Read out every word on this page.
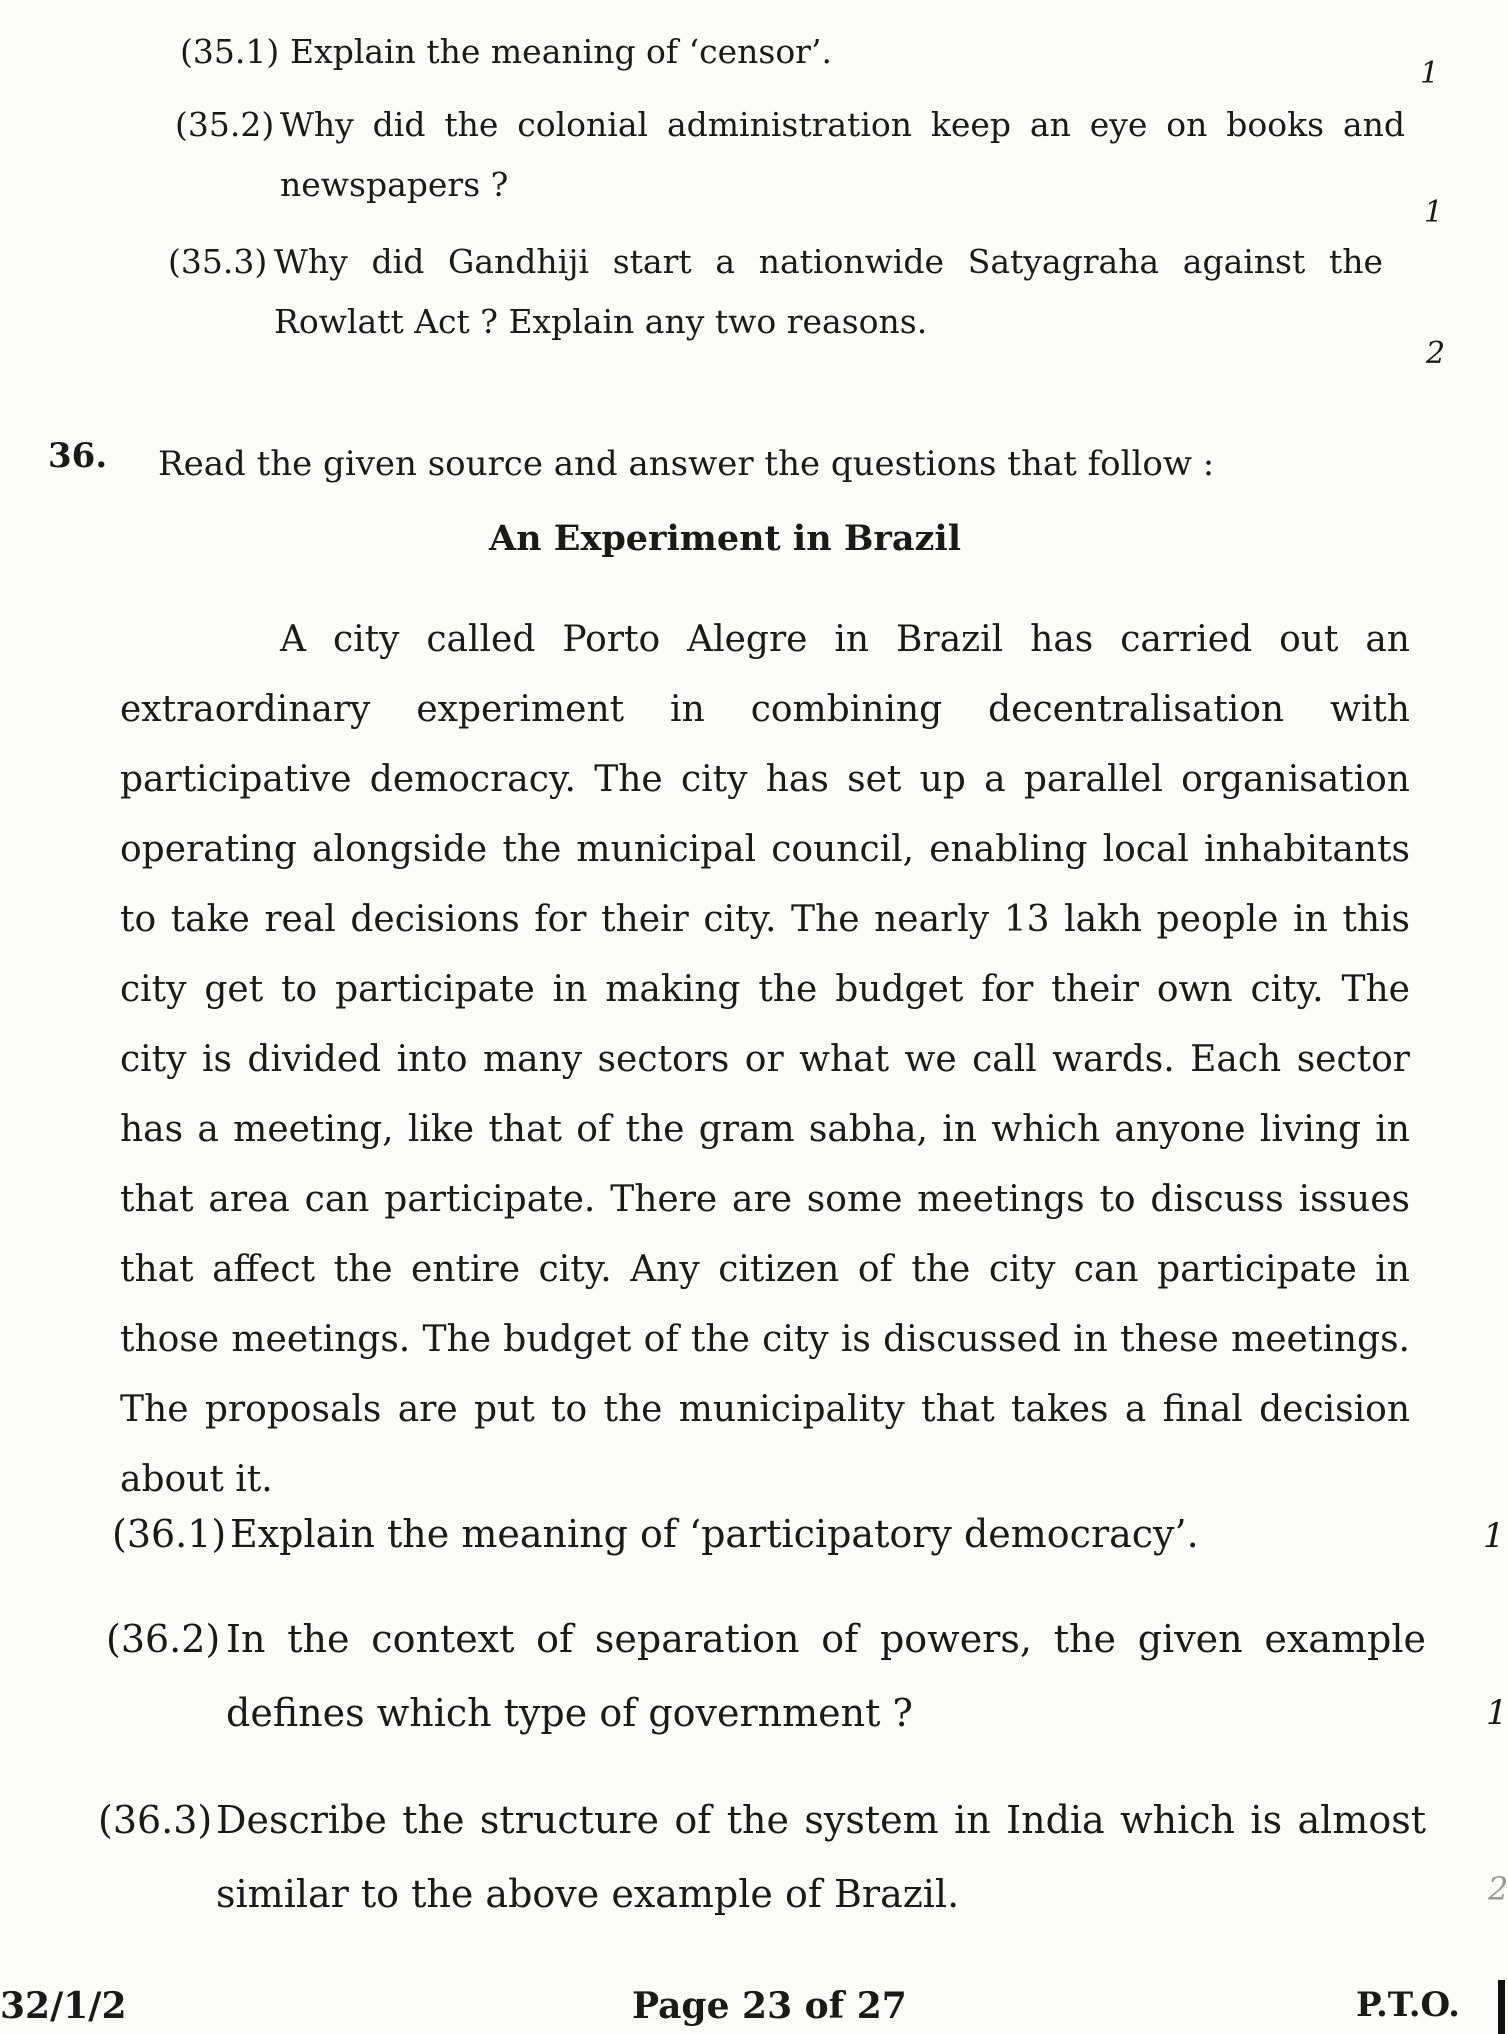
(35.1) Explain the meaning of ‘censor’.
1
(35.2) Why did the colonial administration keep an eye on books and newspapers ?
1
(35.3) Why did Gandhiji start a nationwide Satyagraha against the Rowlatt Act ? Explain any two reasons.
2
36. Read the given source and answer the questions that follow :
An Experiment in Brazil

A city called Porto Alegre in Brazil has carried out an extraordinary experiment in combining decentralisation with participative democracy. The city has set up a parallel organisation operating alongside the municipal council, enabling local inhabitants to take real decisions for their city. The nearly 13 lakh people in this city get to participate in making the budget for their own city. The city is divided into many sectors or what we call wards. Each sector has a meeting, like that of the gram sabha, in which anyone living in that area can participate. There are some meetings to discuss issues that affect the entire city. Any citizen of the city can participate in those meetings. The budget of the city is discussed in these meetings. The proposals are put to the municipality that takes a final decision about it.

(36.1) Explain the meaning of ‘participatory democracy’.	1
(36.2) In the context of separation of powers, the given example defines which type of government ?	1
(36.3) Describe the structure of the system in India which is almost similar to the above example of Brazil.	2
32/1/2	Page 23 of 27	P.T.O.
